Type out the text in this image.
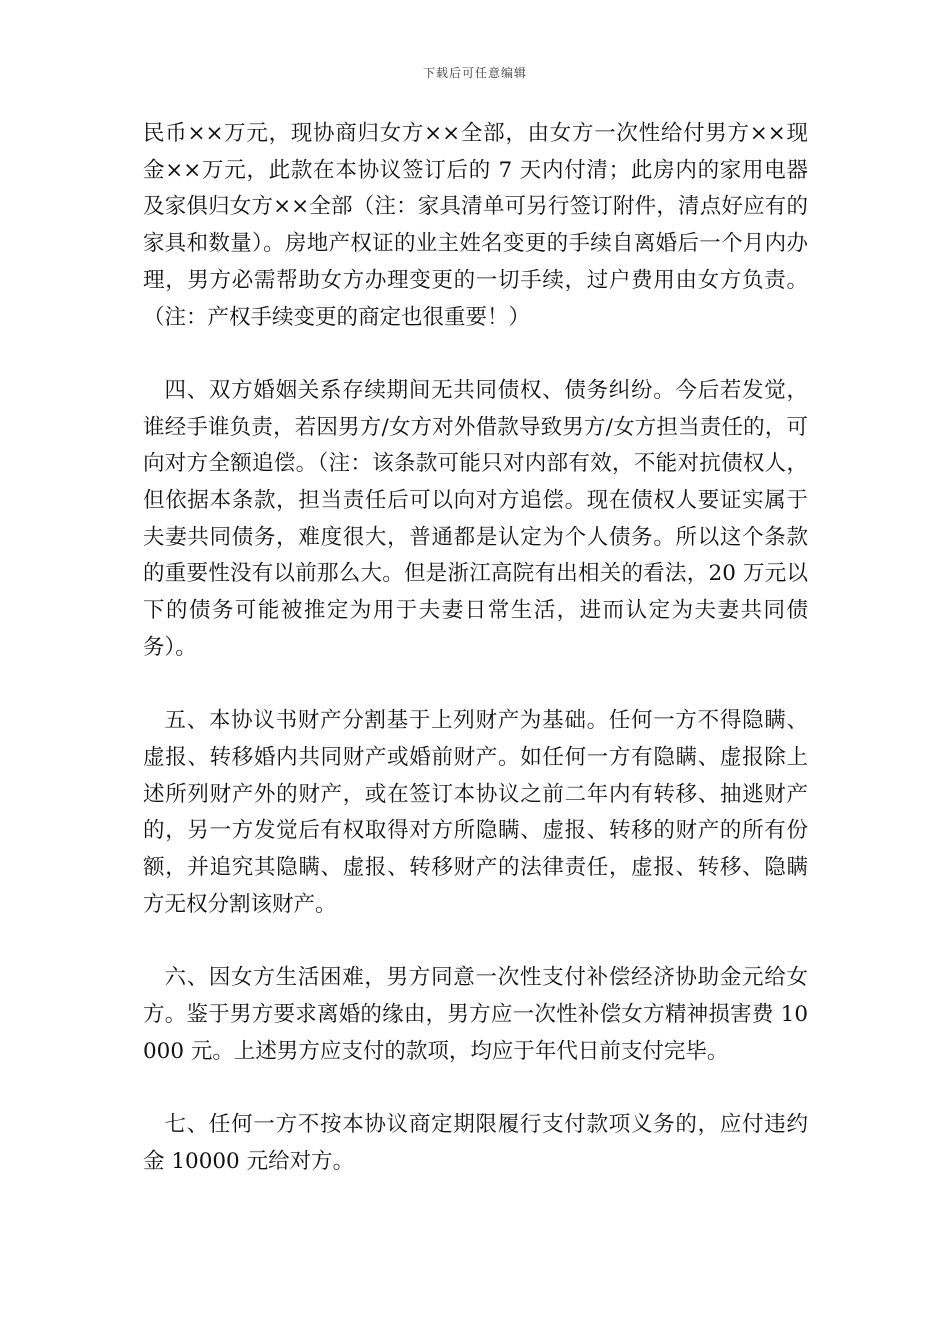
下载后可任意编辑

民币××万元，现协商归女方××全部，由女方一次性给付男方××现金××万元，此款在本协议签订后的 7 天内付清；此房内的家用电器及家俱归女方××全部（注：家具清单可另行签订附件，清点好应有的家具和数量）。房地产权证的业主姓名变更的手续自离婚后一个月内办理，男方必需帮助女方办理变更的一切手续，过户费用由女方负责。（注：产权手续变更的商定也很重要！）

四、双方婚姻关系存续期间无共同债权、债务纠纷。今后若发觉，谁经手谁负责，若因男方/女方对外借款导致男方/女方担当责任的，可向对方全额追偿。（注：该条款可能只对内部有效，不能对抗债权人，但依据本条款，担当责任后可以向对方追偿。现在债权人要证实属于夫妻共同债务，难度很大，普通都是认定为个人债务。所以这个条款的重要性没有以前那么大。但是浙江高院有出相关的看法，20 万元以下的债务可能被推定为用于夫妻日常生活，进而认定为夫妻共同债务）。

五、本协议书财产分割基于上列财产为基础。任何一方不得隐瞒、虚报、转移婚内共同财产或婚前财产。如任何一方有隐瞒、虚报除上述所列财产外的财产，或在签订本协议之前二年内有转移、抽逃财产的，另一方发觉后有权取得对方所隐瞒、虚报、转移的财产的所有份额，并追究其隐瞒、虚报、转移财产的法律责任，虚报、转移、隐瞒方无权分割该财产。

六、因女方生活困难，男方同意一次性支付补偿经济协助金元给女方。鉴于男方要求离婚的缘由，男方应一次性补偿女方精神损害费 10000 元。上述男方应支付的款项，均应于年代日前支付完毕。

七、任何一方不按本协议商定期限履行支付款项义务的，应付违约金 10000 元给对方。
